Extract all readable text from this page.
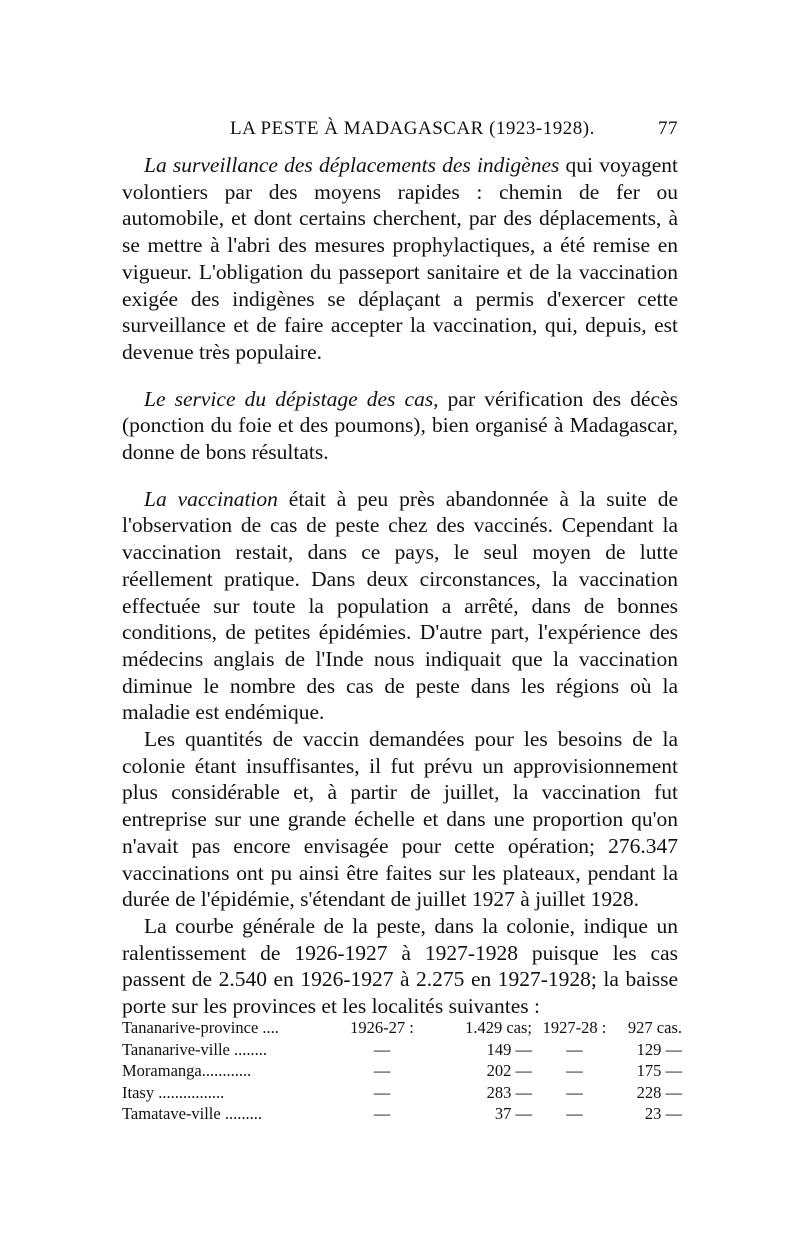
LA PESTE À MADAGASCAR (1923-1928).	77

La surveillance des déplacements des indigènes qui voyagent volontiers par des moyens rapides : chemin de fer ou automobile, et dont certains cherchent, par des déplacements, à se mettre à l'abri des mesures prophylactiques, a été remise en vigueur. L'obligation du passeport sanitaire et de la vaccination exigée des indigènes se déplaçant a permis d'exercer cette surveillance et de faire accepter la vaccination, qui, depuis, est devenue très populaire.

Le service du dépistage des cas, par vérification des décès (ponction du foie et des poumons), bien organisé à Madagascar, donne de bons résultats.

La vaccination était à peu près abandonnée à la suite de l'observation de cas de peste chez des vaccinés. Cependant la vaccination restait, dans ce pays, le seul moyen de lutte réellement pratique. Dans deux circonstances, la vaccination effectuée sur toute la population a arrêté, dans de bonnes conditions, de petites épidémies. D'autre part, l'expérience des médecins anglais de l'Inde nous indiquait que la vaccination diminue le nombre des cas de peste dans les régions où la maladie est endémique.

Les quantités de vaccin demandées pour les besoins de la colonie étant insuffisantes, il fut prévu un approvisionnement plus considérable et, à partir de juillet, la vaccination fut entreprise sur une grande échelle et dans une proportion qu'on n'avait pas encore envisagée pour cette opération; 276.347 vaccinations ont pu ainsi être faites sur les plateaux, pendant la durée de l'épidémie, s'étendant de juillet 1927 à juillet 1928.

La courbe générale de la peste, dans la colonie, indique un ralentissement de 1926-1927 à 1927-1928 puisque les cas passent de 2.540 en 1926-1927 à 2.275 en 1927-1928; la baisse porte sur les provinces et les localités suivantes :

Tananarive-province ....	1926-27 :	1.429 cas;	1927-28 :	927 cas.
Tananarive-ville ........	—	149 —	—	129 —
Moramanga............	—	202 —	—	175 —
Itasy ................	—	283 —	—	228 —
Tamatave-ville .........	—	37 —	—	23 —
